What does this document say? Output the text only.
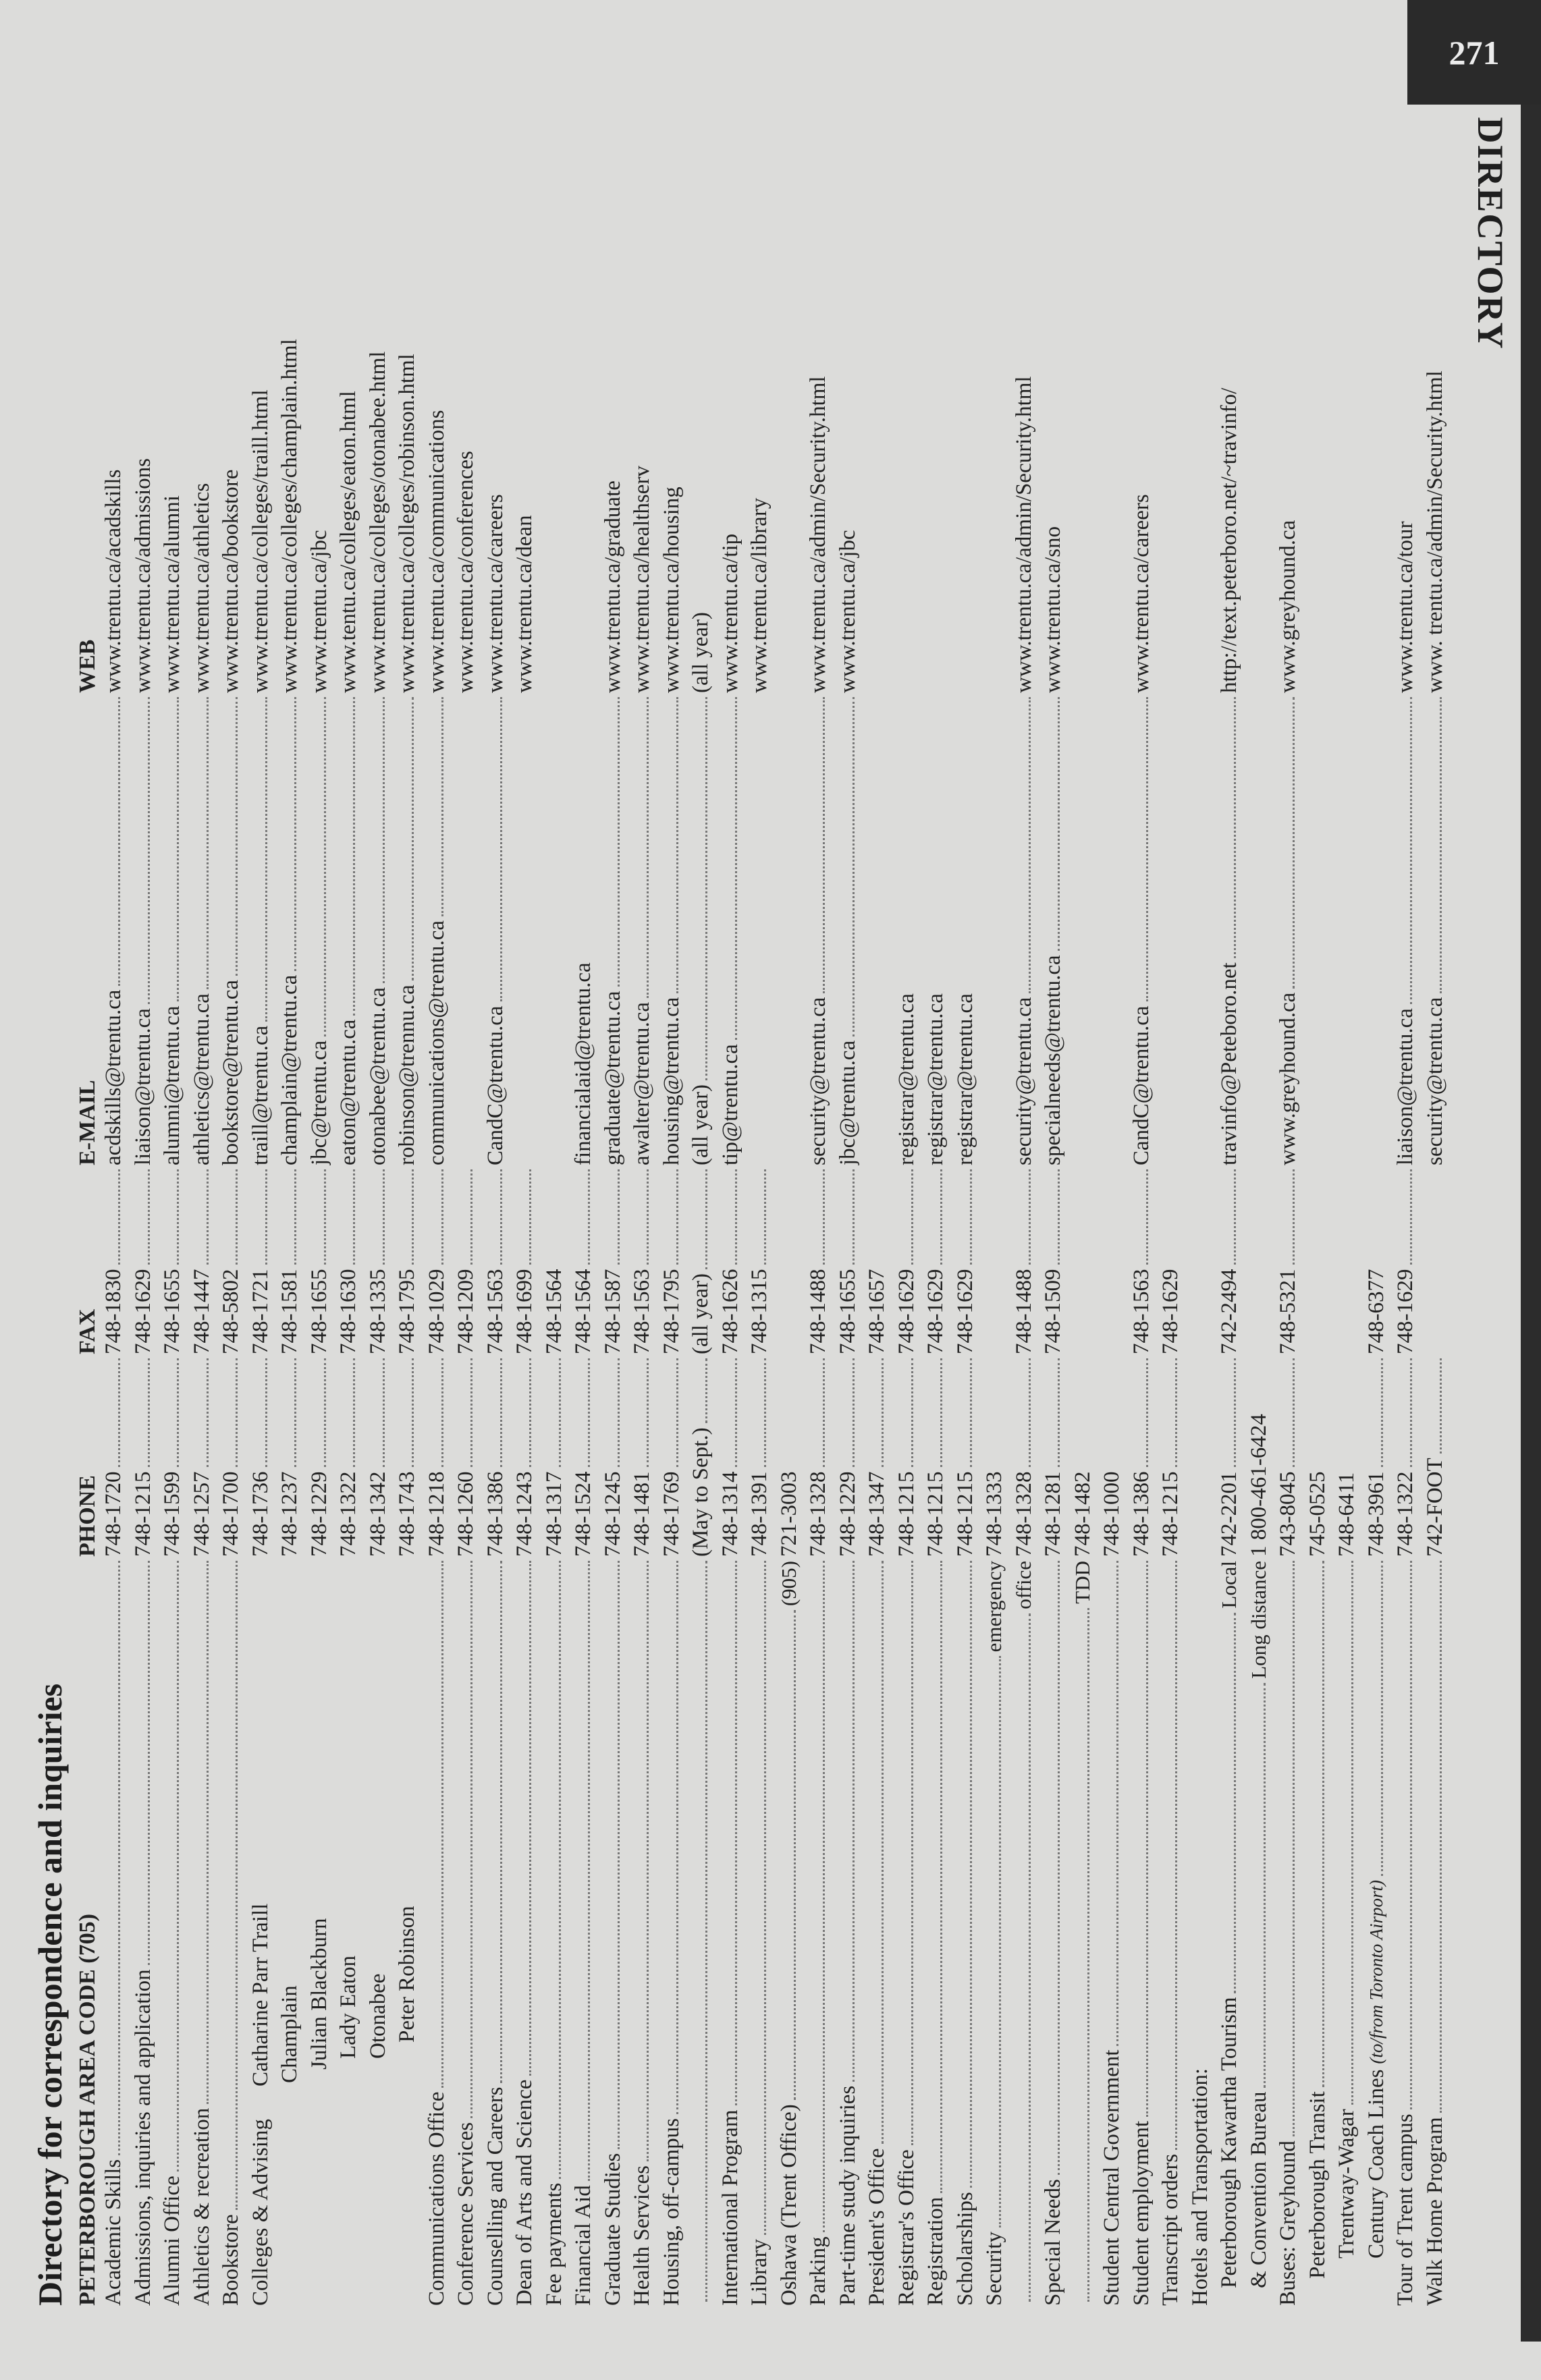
271
DIRECTORY
Directory for correspondence and inquiries PETERBOROUGH AREA CODE (705)
PHONE
FAX
E-MAIL
WEB
Academic Skills
748-1720
748-1830
acdskills@trentu.ca
www.trentu.ca/acadskills
Admissions, inquiries and application
748-1215
748-1629
liaison@trentu.ca
www.trentu.ca/admissions
Alumni Office
748-1599
748-1655
alumni@trentu.ca
www.trentu.ca/alumni
Athletics & recreation
748-1257
748-1447
athletics@trentu.ca
www.trentu.ca/athletics
Bookstore
748-1700
748-5802
bookstore@trentu.ca
www.trentu.ca/bookstore
Colleges & Advising
Catharine Parr Traill
748-1736
748-1721
traill@trentu.ca
www.trentu.ca/colleges/traill.html
Champlain
748-1237
748-1581
champlain@trentu.ca
www.trentu.ca/colleges/champlain.html
Julian Blackburn
748-1229
748-1655
jbc@trentu.ca
www.trentu.ca/jbc
Lady Eaton
748-1322
748-1630
eaton@trentu.ca
www.tentu.ca/colleges/eaton.html
Otonabee
748-1342
748-1335
otonabee@trentu.ca
www.trentu.ca/colleges/otonabee.html
Peter Robinson
748-1743
748-1795
robinson@trennu.ca
www.trentu.ca/colleges/robinson.html
Communications Office
748-1218
748-1029
communications@trentu.ca
www.trentu.ca/communications
Conference Services
748-1260
748-1209
www.trentu.ca/conferences
Counselling and Careers
748-1386
748-1563
CandC@trentu.ca
www.trentu.ca/careers
Dean of Arts and Science
748-1243
748-1699
www.trentu.ca/dean
Fee payments
748-1317
748-1564
Financial Aid
748-1524
748-1564
financialaid@trentu.ca
Graduate Studies
748-1245
748-1587
graduate@trentu.ca
www.trentu.ca/graduate
Health Services
748-1481
748-1563
awalter@trentu.ca
www.trentu.ca/healthserv
Housing, off-campus
748-1769
748-1795
housing@trentu.ca
www.trentu.ca/housing
(May to Sept.)
(all year)
(all year)
(all year)
International Program
748-1314
748-1626
tip@trentu.ca
www.trentu.ca/tip
Library
748-1391
748-1315
www.trentu.ca/library
Oshawa (Trent Office)
(905)
721-3003
Parking
748-1328
748-1488
security@trentu.ca
www.trentu.ca/admin/Security.html
Part-time study inquiries
748-1229
748-1655
jbc@trentu.ca
www.trentu.ca/jbc
President's Office
748-1347
748-1657
Registrar's Office
748-1215
748-1629
registrar@trentu.ca
Registration
748-1215
748-1629
registrar@trentu.ca
Scholarships
748-1215
748-1629
registrar@trentu.ca
Security
emergency
748-1333
office
748-1328
748-1488
security@trentu.ca
www.trentu.ca/admin/Security.html
Special Needs
748-1281
748-1509
specialneeds@trentu.ca
www.trentu.ca/sno
TDD
748-1482
Student Central Government
748-1000
Student employment
748-1386
748-1563
CandC@trentu.ca
www.trentu.ca/careers
Transcript orders
748-1215
748-1629
Hotels and Transportation: Peterborough Kawartha Tourism
Local
742-2201
742-2494
travinfo@Peteboro.net
http://text.peterboro.net/~travinfo/
& Convention Bureau
Long distance
1 800-461-6424
Buses: Greyhound
743-8045
748-5321
www.greyhound.ca
www.greyhound.ca
Peterborough Transit
745-0525
Trentway-Wagar
748-6411
Century Coach Lines
(to/from Toronto Airport)
748-3961
748-6377
Tour of Trent campus
748-1322
748-1629
liaison@trentu.ca
www.trentu.ca/tour
Walk Home Program
742-FOOT
security@trentu.ca
www. trentu.ca/admin/Security.html
